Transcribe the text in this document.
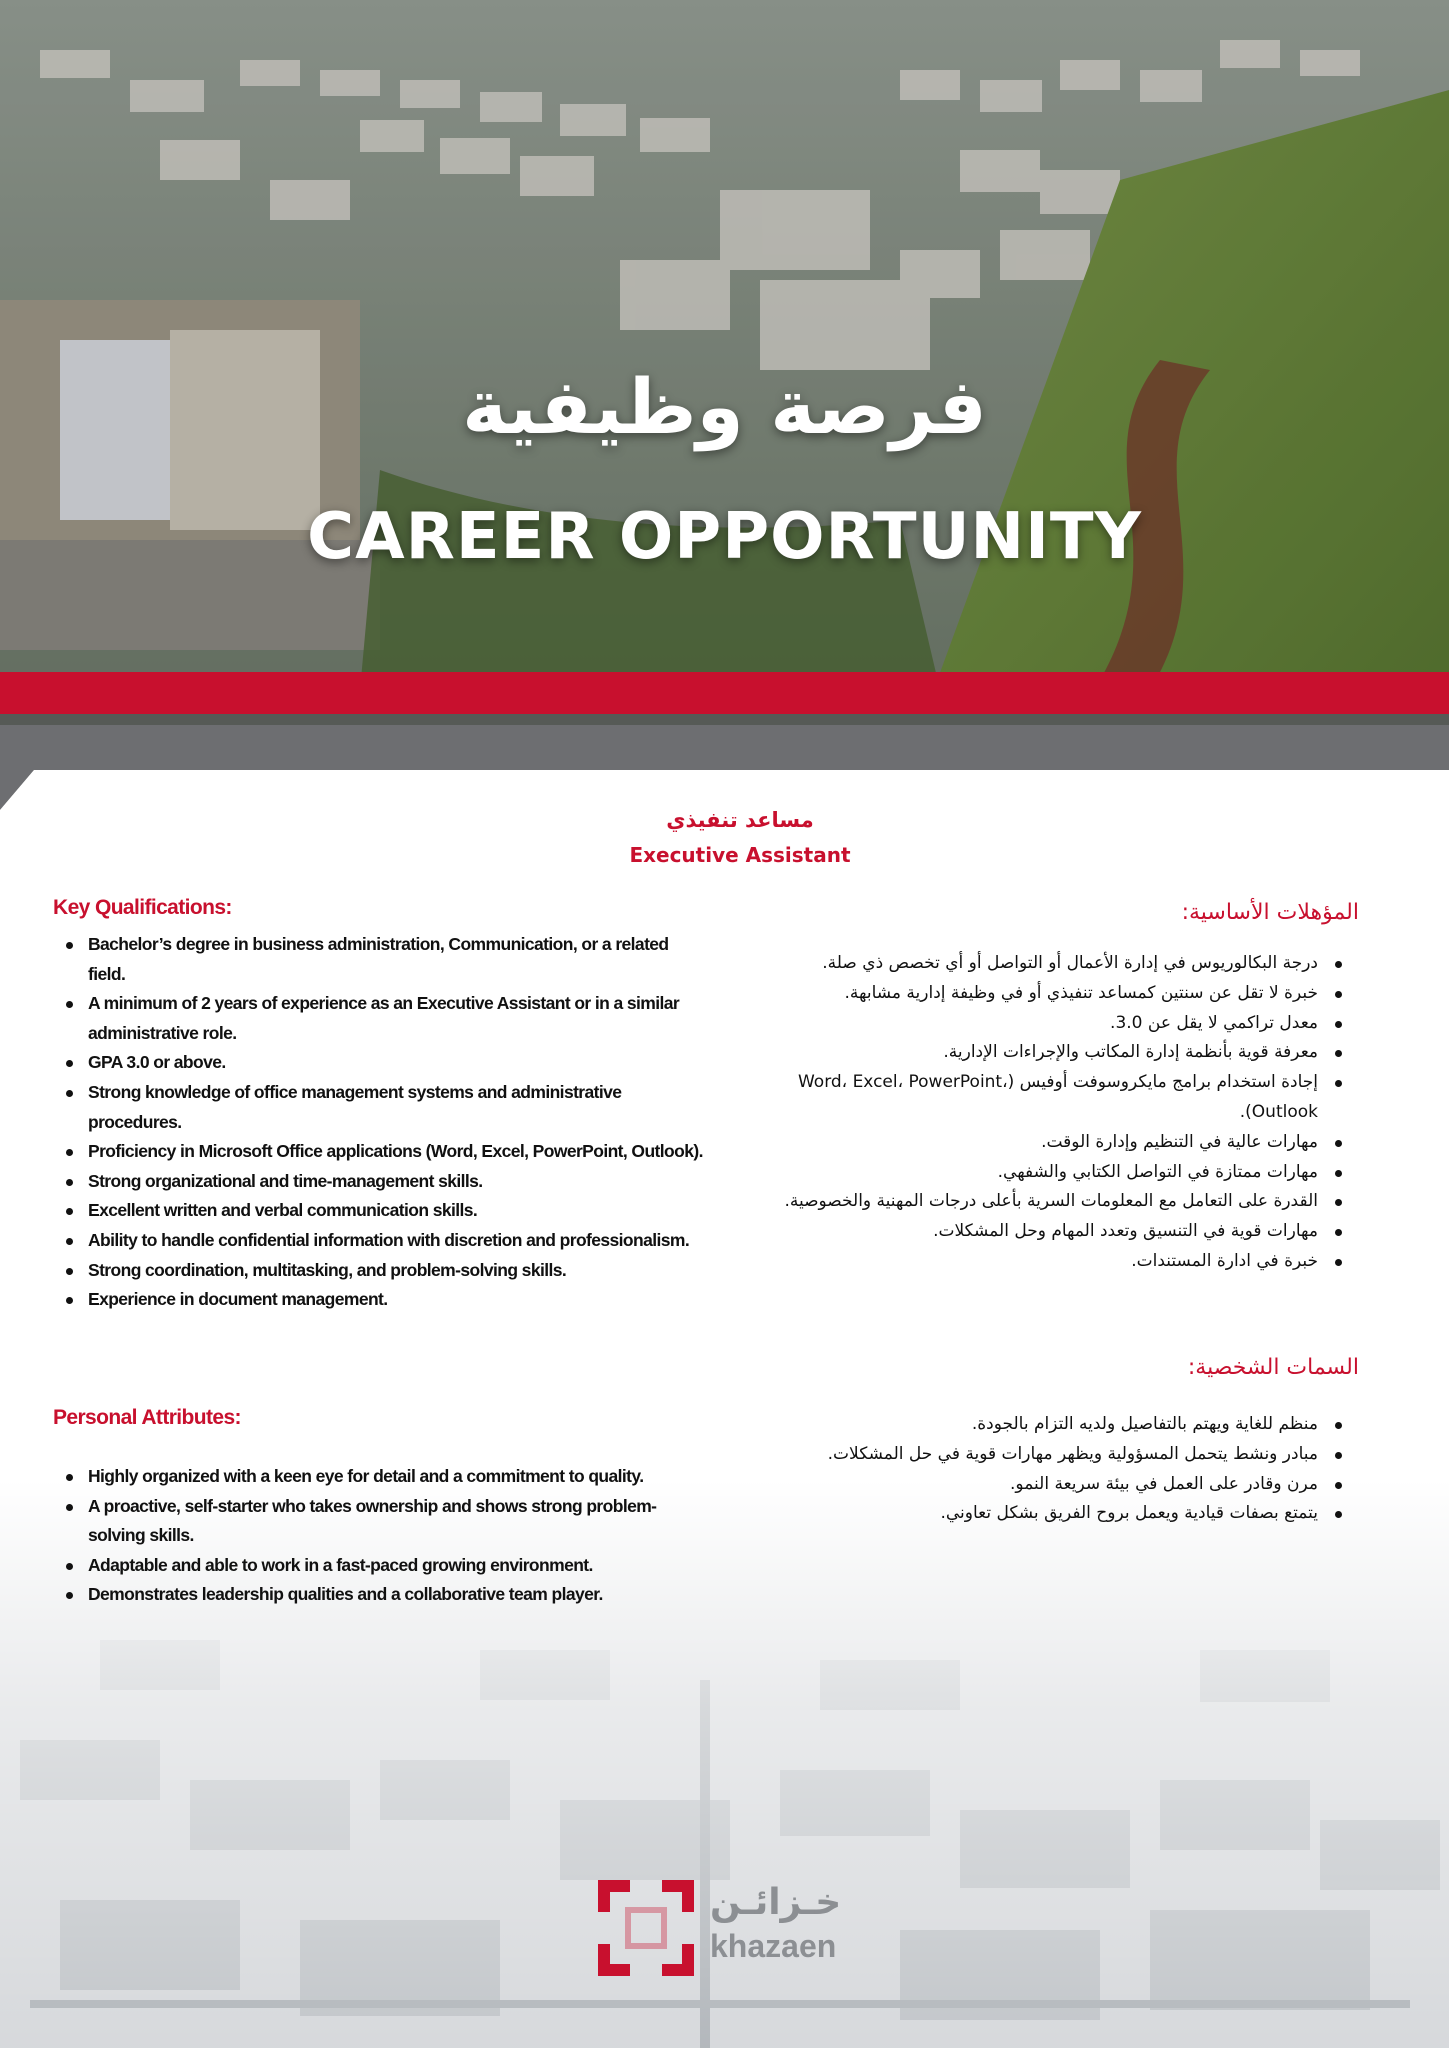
فرصة وظيفية
CAREER OPPORTUNITY
مساعد تنفيذي
Executive Assistant
Key Qualifications:
Bachelor’s degree in business administration, Communication, or a related field.
A minimum of 2 years of experience as an Executive Assistant or in a similar administrative role.
GPA 3.0 or above.
Strong knowledge of office management systems and administrative procedures.
Proficiency in Microsoft Office applications (Word, Excel, PowerPoint, Outlook).
Strong organizational and time-management skills.
Excellent written and verbal communication skills.
Ability to handle confidential information with discretion and professionalism.
Strong coordination, multitasking, and problem-solving skills.
Experience in document management.
Personal Attributes:
Highly organized with a keen eye for detail and a commitment to quality.
A proactive, self-starter who takes ownership and shows strong problem-solving skills.
Adaptable and able to work in a fast-paced growing environment.
Demonstrates leadership qualities and a collaborative team player.
المؤهلات الأساسية:
درجة البكالوريوس في إدارة الأعمال أو التواصل أو أي تخصص ذي صلة.
خبرة لا تقل عن سنتين كمساعد تنفيذي أو في وظيفة إدارية مشابهة.
معدل تراكمي لا يقل عن 3.0.
معرفة قوية بأنظمة إدارة المكاتب والإجراءات الإدارية.
إجادة استخدام برامج مايكروسوفت أوفيس (Word، Excel، PowerPoint، Outlook).
مهارات عالية في التنظيم وإدارة الوقت.
مهارات ممتازة في التواصل الكتابي والشفهي.
القدرة على التعامل مع المعلومات السرية بأعلى درجات المهنية والخصوصية.
مهارات قوية في التنسيق وتعدد المهام وحل المشكلات.
خبرة في ادارة المستندات.
السمات الشخصية:
منظم للغاية ويهتم بالتفاصيل ولديه التزام بالجودة.
مبادر ونشط يتحمل المسؤولية ويظهر مهارات قوية في حل المشكلات.
مرن وقادر على العمل في بيئة سريعة النمو.
يتمتع بصفات قيادية ويعمل بروح الفريق بشكل تعاوني.
خـزائـن
khazaen
